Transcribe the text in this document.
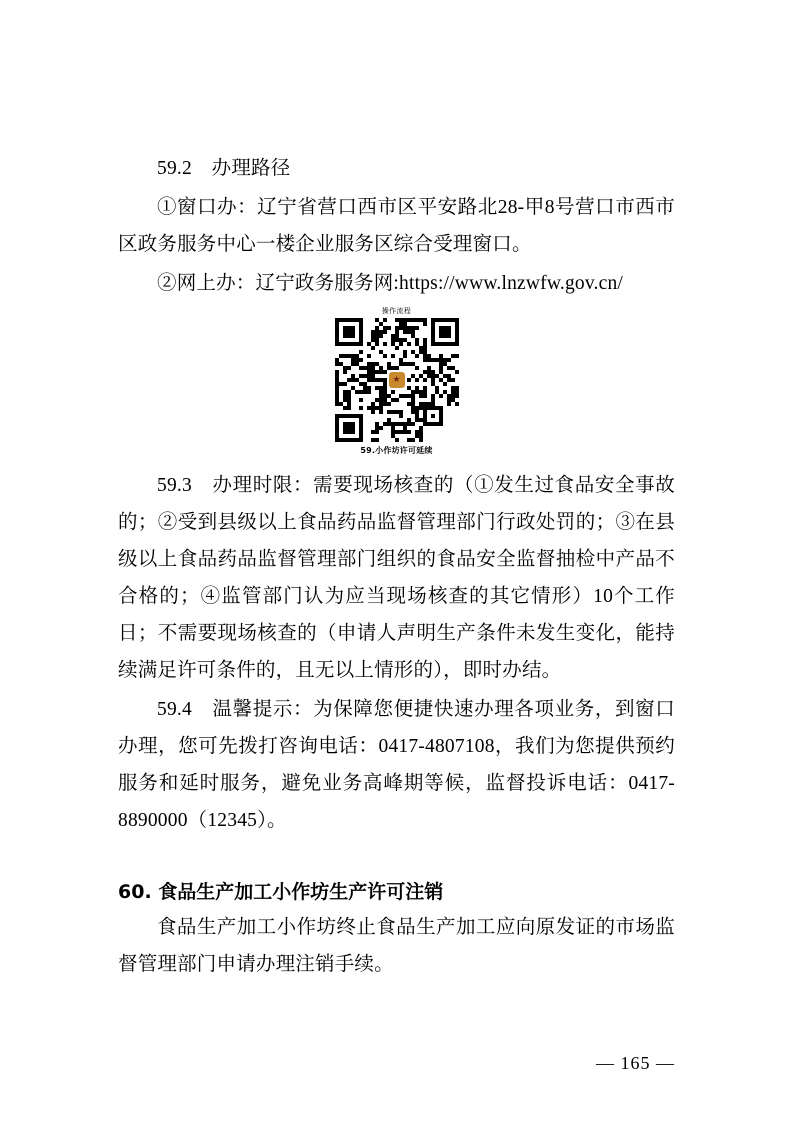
59.2　办理路径
①窗口办：辽宁省营口西市区平安路北28-甲8号营口市西市区政务服务中心一楼企业服务区综合受理窗口。
②网上办：辽宁政务服务网:https://www.lnzwfw.gov.cn/
操作流程
★
59.小作坊许可延续
59.3　办理时限：需要现场核查的（①发生过食品安全事故的；②受到县级以上食品药品监督管理部门行政处罚的；③在县级以上食品药品监督管理部门组织的食品安全监督抽检中产品不合格的；④监管部门认为应当现场核查的其它情形）10个工作日；不需要现场核查的（申请人声明生产条件未发生变化，能持续满足许可条件的，且无以上情形的），即时办结。
59.4　温馨提示：为保障您便捷快速办理各项业务，到窗口办理，您可先拨打咨询电话：0417-4807108，我们为您提供预约服务和延时服务，避免业务高峰期等候，监督投诉电话：0417-8890000（12345）。
60. 食品生产加工小作坊生产许可注销
食品生产加工小作坊终止食品生产加工应向原发证的市场监督管理部门申请办理注销手续。
— 165 —
